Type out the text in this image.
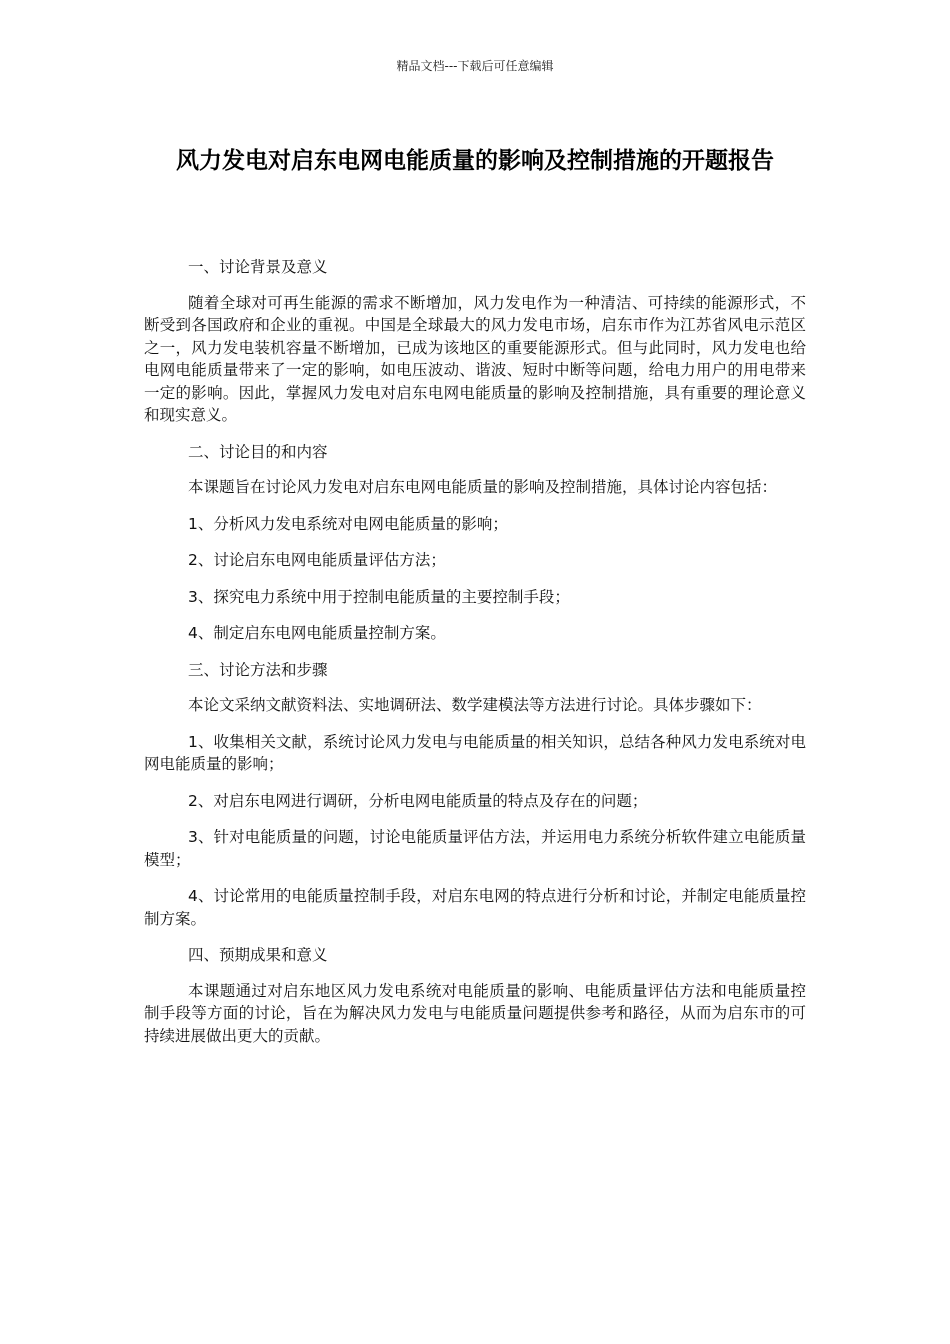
精品文档---下载后可任意编辑
风力发电对启东电网电能质量的影响及控制措施的开题报告

一、讨论背景及意义

随着全球对可再生能源的需求不断增加，风力发电作为一种清洁、可持续的能源形式，不断受到各国政府和企业的重视。中国是全球最大的风力发电市场，启东市作为江苏省风电示范区之一，风力发电装机容量不断增加，已成为该地区的重要能源形式。但与此同时，风力发电也给电网电能质量带来了一定的影响，如电压波动、谐波、短时中断等问题，给电力用户的用电带来一定的影响。因此，掌握风力发电对启东电网电能质量的影响及控制措施，具有重要的理论意义和现实意义。

二、讨论目的和内容

本课题旨在讨论风力发电对启东电网电能质量的影响及控制措施，具体讨论内容包括：

1、分析风力发电系统对电网电能质量的影响；

2、讨论启东电网电能质量评估方法；

3、探究电力系统中用于控制电能质量的主要控制手段；

4、制定启东电网电能质量控制方案。

三、讨论方法和步骤

本论文采纳文献资料法、实地调研法、数学建模法等方法进行讨论。具体步骤如下：

1、收集相关文献，系统讨论风力发电与电能质量的相关知识，总结各种风力发电系统对电网电能质量的影响；

2、对启东电网进行调研，分析电网电能质量的特点及存在的问题；

3、针对电能质量的问题，讨论电能质量评估方法，并运用电力系统分析软件建立电能质量模型；

4、讨论常用的电能质量控制手段，对启东电网的特点进行分析和讨论，并制定电能质量控制方案。

四、预期成果和意义

本课题通过对启东地区风力发电系统对电能质量的影响、电能质量评估方法和电能质量控制手段等方面的讨论，旨在为解决风力发电与电能质量问题提供参考和路径，从而为启东市的可持续进展做出更大的贡献。
